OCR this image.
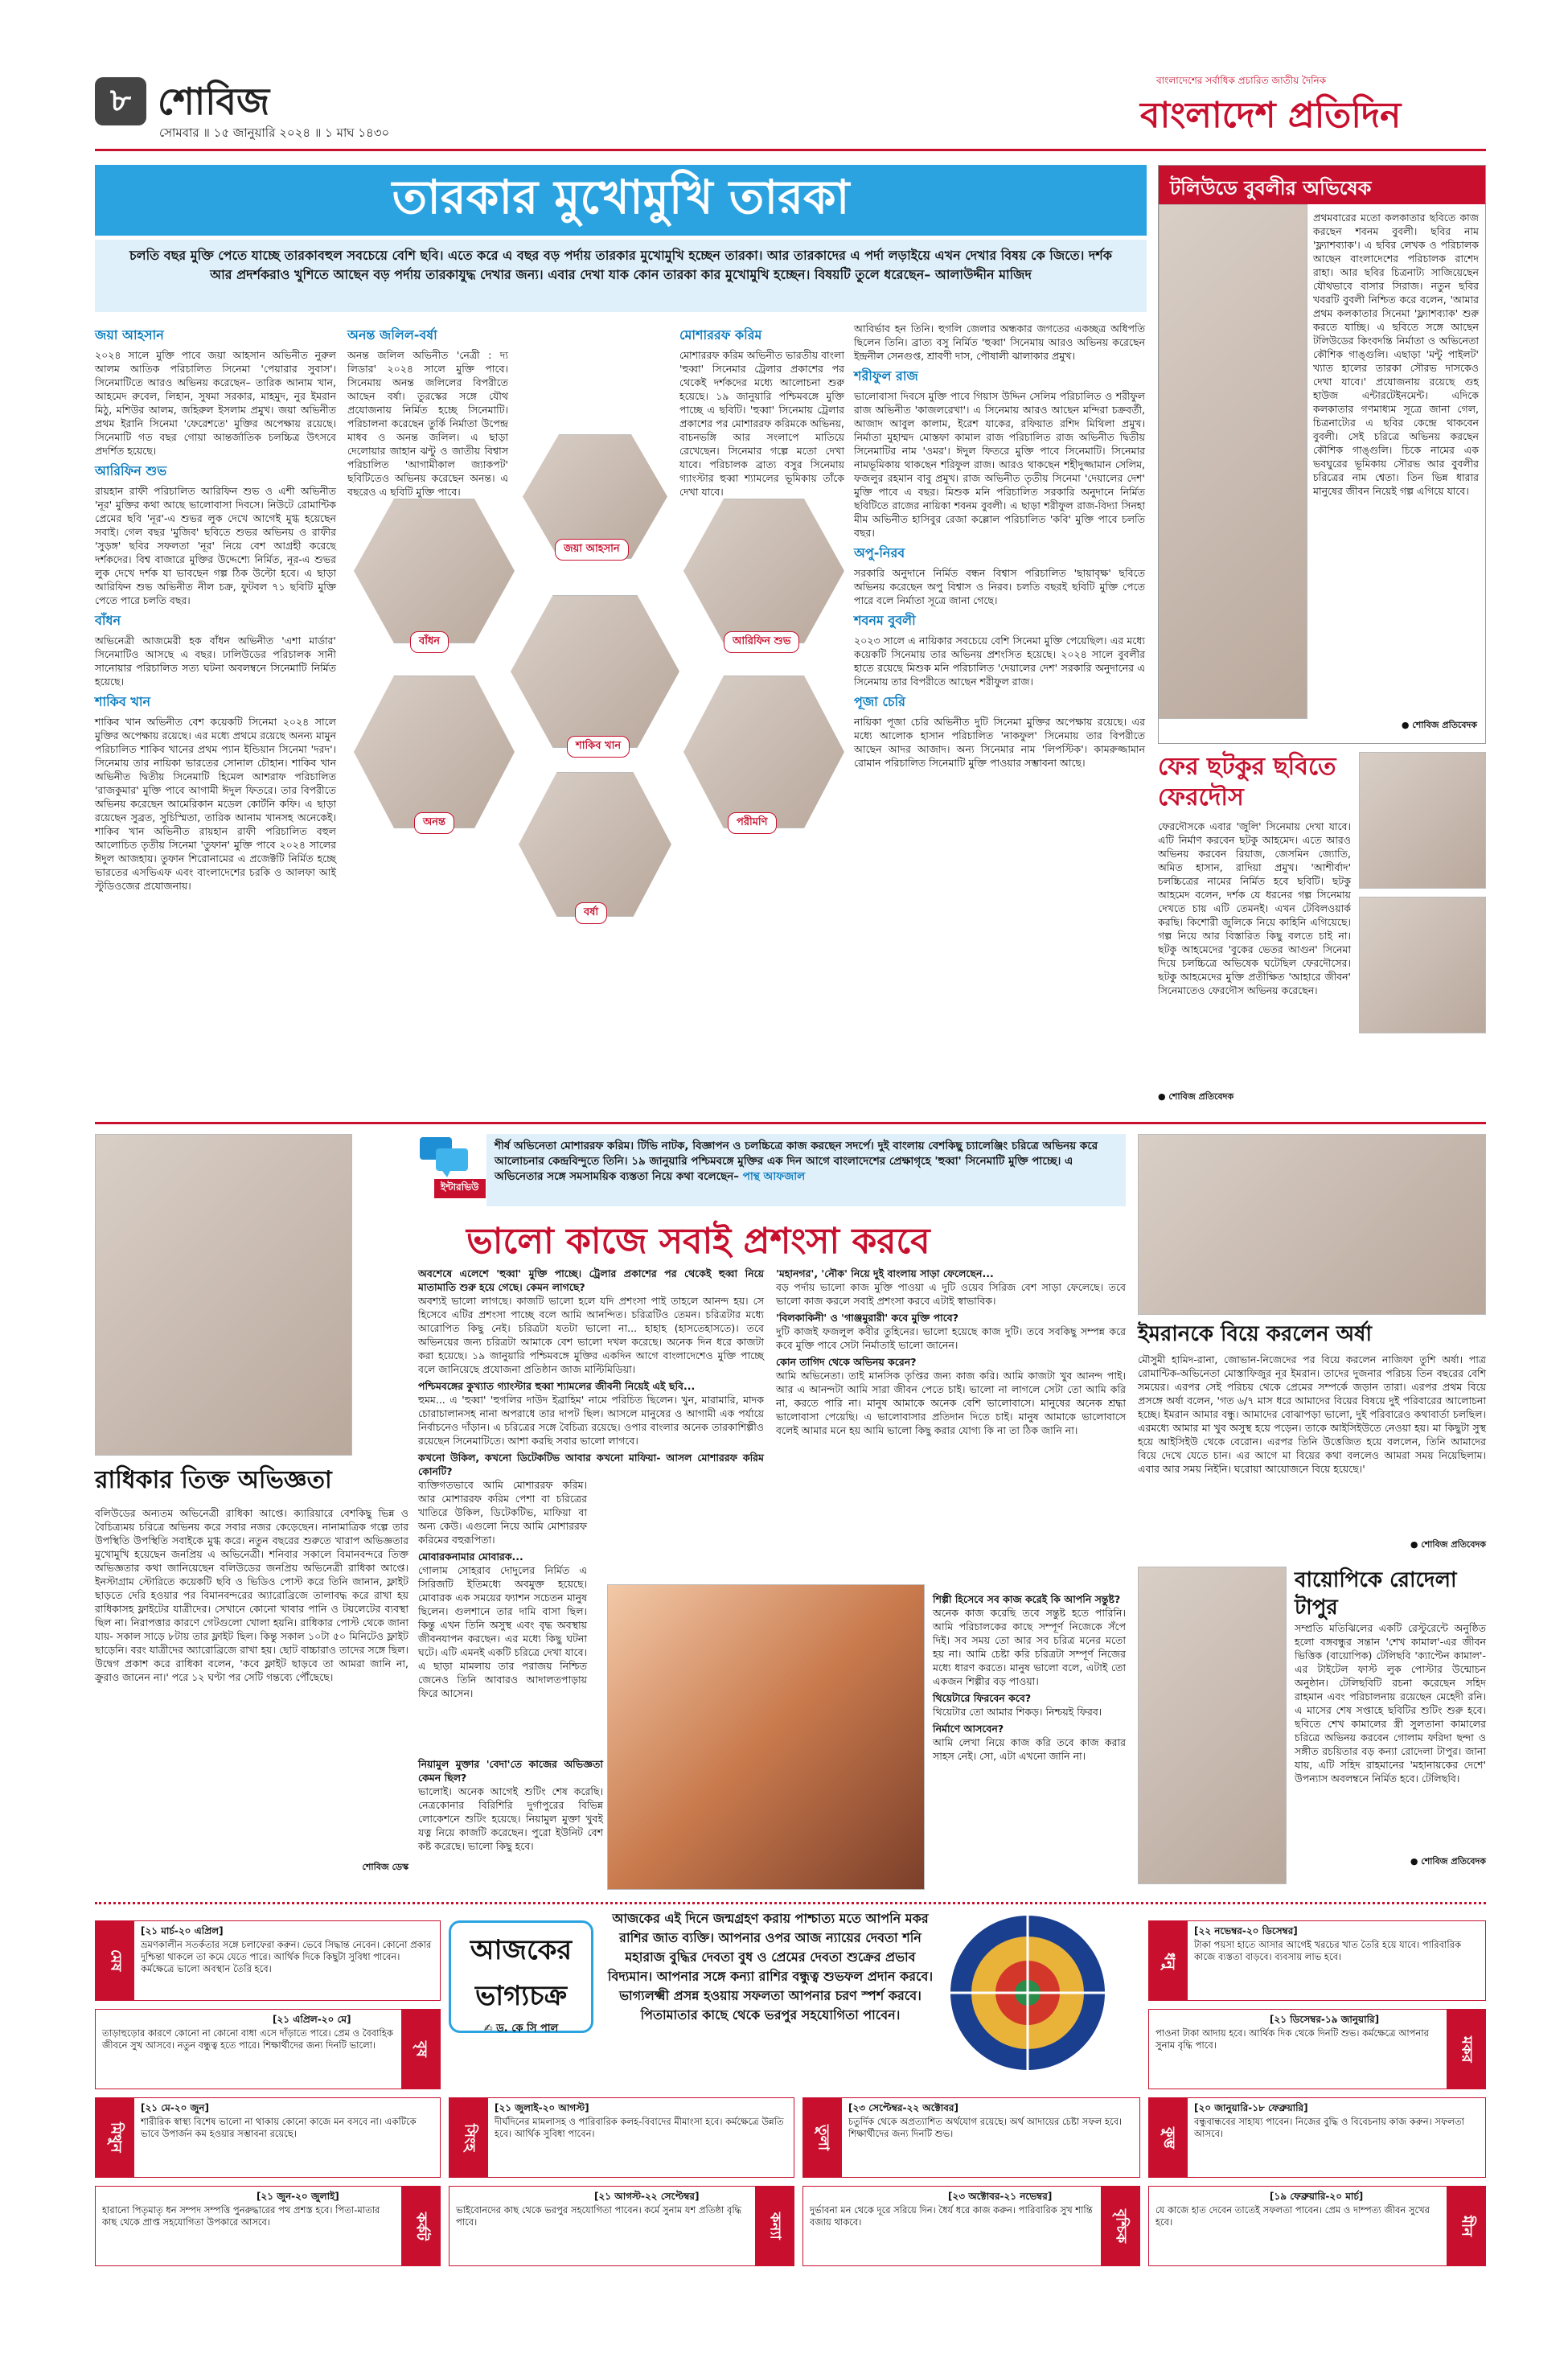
৮ শোবিজ
সোমবার ॥ ১৫ জানুয়ারি ২০২৪ ॥ ১ মাঘ ১৪৩০
বাংলাদেশের সর্বাধিক প্রচারিত জাতীয় দৈনিক
বাংলাদেশ প্রতিদিন
তারকার মুখোমুখি তারকা

চলতি বছর মুক্তি পেতে যাচ্ছে তারকাবহুল সবচেয়ে বেশি ছবি। এতে করে এ বছর বড় পর্দায় তারকার মুখোমুখি হচ্ছেন তারকা। আর তারকাদের এ পর্দা লড়াইয়ে এখন দেখার বিষয় কে জিতে। দর্শক আর প্রদর্শকরাও খুশিতে আছেন বড় পর্দায় তারকাযুদ্ধ দেখার জন্য। এবার দেখা যাক কোন তারকা কার মুখোমুখি হচ্ছেন। বিষয়টি তুলে ধরেছেন– আলাউদ্দীন মাজিদ

জয়া আহসান

২০২৪ সালে মুক্তি পাবে জয়া আহসান অভিনীত নুরুল আলম আতিক পরিচালিত সিনেমা 'পেয়ারার সুবাস'। সিনেমাটিতে আরও অভিনয় করেছেন– তারিক আনাম খান, আহমেদ রুবেল, লিহান, সুষমা সরকার, মাহমুদ, নুর ইমরান মিঠু, মশিউর আলম, জহিরুল ইসলাম প্রমুখ। জয়া অভিনীত প্রথম ইরানি সিনেমা 'ফেরেশতে' মুক্তির অপেক্ষায় রয়েছে। সিনেমাটি গত বছর গোয়া আন্তর্জাতিক চলচ্চিত্র উৎসবে প্রদর্শিত হয়েছে।

আরিফিন শুভ

রায়হান রাফী পরিচালিত আরিফিন শুভ ও এশী অভিনীত 'নূর' মুক্তির কথা আছে ভালোবাসা দিবসে। নিউটে রোমান্টিক প্রেমের ছবি 'নূর'-এ শুভর লুক দেখে আগেই মুগ্ধ হয়েছেন সবাই। গেল বছর 'মুজিব' ছবিতে শুভর অভিনয় ও রাফীর 'সুড়ঙ্গ' ছবির সফলতা 'নূর' নিয়ে বেশ আগ্রহী করেছে দর্শকদের। বিশ্ব বাজারে মুক্তির উদ্দেশ্যে নির্মিত, নূর-এ শুভর লুক দেখে দর্শক যা ভাবছেন গল্প ঠিক উল্টো হবে। এ ছাড়া আরিফিন শুভ অভিনীত নীল চক্র, ফুটবল ৭১ ছবিটি মুক্তি পেতে পারে চলতি বছর।

বাঁধন

অভিনেত্রী আজমেরী হক বাঁধন অভিনীত 'এশা মার্ডার' সিনেমাটিও আসছে এ বছর। ঢালিউডের পরিচালক সানী সানোয়ার পরিচালিত সত্য ঘটনা অবলম্বনে সিনেমাটি নির্মিত হয়েছে।

শাকিব খান

শাকিব খান অভিনীত বেশ কয়েকটি সিনেমা ২০২৪ সালে মুক্তির অপেক্ষায় রয়েছে। এর মধ্যে প্রথমে রয়েছে অনন্য মামুন পরিচালিত শাকিব খানের প্রথম প্যান ইন্ডিয়ান সিনেমা 'দরদ'। সিনেমায় তার নায়িকা ভারতের সোনাল চৌহান। শাকিব খান অভিনীত দ্বিতীয় সিনেমাটি হিমেল আশরাফ পরিচালিত 'রাজকুমার' মুক্তি পাবে আগামী ঈদুল ফিতরে। তার বিপরীতে অভিনয় করেছেন আমেরিকান মডেল কোর্টনি কফি। এ ছাড়া রয়েছেন সুব্রত, সুচিস্মিতা, তারিক আনাম খানসহ অনেকেই। শাকিব খান অভিনীত রায়হান রাফী পরিচালিত বহুল আলোচিত তৃতীয় সিনেমা 'তুফান' মুক্তি পাবে ২০২৪ সালের ঈদুল আজহায়। তুফান শিরোনামের এ প্রজেক্টটি নির্মিত হচ্ছে ভারতের এসভিএফ এবং বাংলাদেশের চরকি ও আলফা আই স্টুডিওজের প্রযোজনায়।

অনন্ত জলিল-বর্ষা

অনন্ত জলিল অভিনীত 'নেত্রী : দ্য লিডার' ২০২৪ সালে মুক্তি পাবে। সিনেমায় অনন্ত জলিলের বিপরীতে আছেন বর্ষা। তুরস্কের সঙ্গে যৌথ প্রযোজনায় নির্মিত হচ্ছে সিনেমাটি। পরিচালনা করেছেন তুর্কি নির্মাতা উপেন্দ্র মাধব ও অনন্ত জলিল। এ ছাড়া দেলোয়ার জাহান ঝন্টু ও জাতীয় বিশ্বাস পরিচালিত 'আগামীকাল জ্যাকপট' ছবিটিতেও অভিনয় করেছেন অনন্ত। এ বছরেও এ ছবিটি মুক্তি পাবে।

মোশাররফ করিম

মোশাররফ করিম অভিনীত ভারতীয় বাংলা 'হুব্বা' সিনেমার ট্রেলার প্রকাশের পর থেকেই দর্শকদের মধ্যে আলোচনা শুরু হয়েছে। ১৯ জানুয়ারি পশ্চিমবঙ্গে মুক্তি পাচ্ছে এ ছবিটি। 'হুব্বা' সিনেমায় ট্রেলার প্রকাশের পর মোশাররফ করিমকে অভিনয়, বাচনভঙ্গি আর সংলাপে মাতিয়ে রেখেছেন। সিনেমার গল্পে মতো দেখা যাবে। পরিচালক ব্রাত্য বসুর সিনেমায় গ্যাংস্টার হুব্বা শ্যামলের ভূমিকায় তাঁকে দেখা যাবে।

জয়া আহসান
বাঁধন	আরিফিন শুভ
শাকিব খান
অনন্ত	পরীমণি
বর্ষা

আবির্ভাব হন তিনি। হুগলি জেলার অন্ধকার জগতের একচ্ছত্র অধিপতি ছিলেন তিনি। ব্রাত্য বসু নির্মিত 'হুব্বা' সিনেমায় আরও অভিনয় করেছেন ইন্দ্রনীল সেনগুপ্ত, শ্রাবণী দাস, পৌষালী ঝালাকার প্রমুখ।

শরীফুল রাজ

ভালোবাসা দিবসে মুক্তি পাবে গিয়াস উদ্দিন সেলিম পরিচালিত ও শরীফুল রাজ অভিনীত 'কাজলরেখা'। এ সিনেমায় আরও আছেন মন্দিরা চক্রবর্তী, আজাদ আবুল কালাম, ইরেশ যাকের, রফিয়াত রশিদ মিথিলা প্রমুখ। নির্মাতা মুহাম্মদ মোস্তফা কামাল রাজ পরিচালিত রাজ অভিনীত দ্বিতীয় সিনেমাটির নাম 'ওমর'। ঈদুল ফিতরে মুক্তি পাবে সিনেমাটি। সিনেমার নামভূমিকায় থাকছেন শরিফুল রাজ। আরও থাকছেন শহীদুজ্জামান সেলিম, ফজলুর রহমান বাবু প্রমুখ। রাজ অভিনীত তৃতীয় সিনেমা 'দেয়ালের দেশ' মুক্তি পাবে এ বছর। মিশুক মনি পরিচালিত সরকারি অনুদানে নির্মিত ছবিটিতে রাজের নায়িকা শবনম বুবলী। এ ছাড়া শরীফুল রাজ-বিদ্যা সিনহা মীম অভিনীত হাসিবুর রেজা কল্লোল পরিচালিত 'কবি' মুক্তি পাবে চলতি বছর।

অপু-নিরব

সরকারি অনুদানে নির্মিত বন্ধন বিশ্বাস পরিচালিত 'ছায়াবৃক্ষ' ছবিতে অভিনয় করেছেন অপু বিশ্বাস ও নিরব। চলতি বছরই ছবিটি মুক্তি পেতে পারে বলে নির্মাতা সূত্রে জানা গেছে।

শবনম বুবলী

২০২৩ সালে এ নায়িকার সবচেয়ে বেশি সিনেমা মুক্তি পেয়েছিল। এর মধ্যে কয়েকটি সিনেমায় তার অভিনয় প্রশংসিত হয়েছে। ২০২৪ সালে বুবলীর হাতে রয়েছে মিশুক মনি পরিচালিত 'দেয়ালের দেশ' সরকারি অনুদানের এ সিনেমায় তার বিপরীতে আছেন শরীফুল রাজ।

পূজা চেরি

নায়িকা পূজা চেরি অভিনীত দুটি সিনেমা মুক্তির অপেক্ষায় রয়েছে। এর মধ্যে আলোক হাসান পরিচালিত 'নাকফুল' সিনেমায় তার বিপরীতে আছেন আদর আজাদ। অন্য সিনেমার নাম 'লিপস্টিক'। কামরুজ্জামান রোমান পরিচালিত সিনেমাটি মুক্তি পাওয়ার সম্ভাবনা আছে।

টলিউডে বুবলীর অভিষেক

প্রথমবারের মতো কলকাতার ছবিতে কাজ করছেন শবনম বুবলী। ছবির নাম 'ফ্ল্যাশব্যাক'। এ ছবির লেখক ও পরিচালক আছেন বাংলাদেশের পরিচালক রাশেদ রাহা। আর ছবির চিত্রনাট্য সাজিয়েছেন যৌথভাবে বাসার সিরাজ। নতুন ছবির খবরটি বুবলী নিশ্চিত করে বলেন, 'আমার প্রথম কলকাতার সিনেমা 'ফ্ল্যাশব্যাক' শুরু করতে যাচ্ছি। এ ছবিতে সঙ্গে আছেন টলিউডের কিংবদন্তি নির্মাতা ও অভিনেতা কৌশিক গাঙ্গুলি। এছাড়া 'মন্টু পাইলট' খ্যাত হালের তারকা সৌরভ দাসকেও দেখা যাবে।' প্রযোজনায় রয়েছে গুহ হাউজ এন্টারটেইনমেন্ট। এদিকে কলকাতার গণমাধ্যম সূত্রে জানা গেল, চিত্রনাট্যের এ ছবির কেন্দ্রে থাকবেন বুবলী। সেই চরিত্রে অভিনয় করছেন কৌশিক গাঙ্গুলি। চিকে নামের এক ভবঘুরের ভূমিকায় সৌরভ আর বুবলীর চরিত্রের নাম শ্বেতা। তিন ভিন্ন ধারার মানুষের জীবন নিয়েই গল্প এগিয়ে যাবে।

● শোবিজ প্রতিবেদক
ফের ছটকুর ছবিতে ফেরদৌস

ফেরদৌসকে এবার 'জুলি' সিনেমায় দেখা যাবে। এটি নির্মাণ করবেন ছটকু আহমেদ। এতে আরও অভিনয় করবেন রিয়াজ, জেসমিন জ্যোতি, অমিত হাসান, রাদিয়া প্রমুখ। 'আশীর্বাদ' চলচ্চিত্রের নামের নির্মিত হবে ছবিটি। ছটকু আহমেদ বলেন, দর্শক যে ধরনের গল্প সিনেমায় দেখতে চায় এটি তেমনই। এখন টেবিলওয়ার্ক করছি। কিশোরী জুলিকে নিয়ে কাহিনি এগিয়েছে। গল্প নিয়ে আর বিস্তারিত কিছু বলতে চাই না। ছটকু আহমেদের 'বুকের ভেতর আগুন' সিনেমা দিয়ে চলচ্চিত্রে অভিষেক ঘটেছিল ফেরদৌসের। ছটকু আহমেদের মুক্তি প্রতীক্ষিত 'আহারে জীবন' সিনেমাতেও ফেরদৌস অভিনয় করেছেন।

● শোবিজ প্রতিবেদক
রাধিকার তিক্ত অভিজ্ঞতা

বলিউডের অন্যতম অভিনেত্রী রাধিকা আপ্তে। ক্যারিয়ারে বেশকিছু ভিন্ন ও বৈচিত্র্যময় চরিত্রে অভিনয় করে সবার নজর কেড়েছেন। নানামাত্রিক গল্পে তার উপস্থিতি উপস্থিতি সবাইকে মুগ্ধ করে। নতুন বছরের শুরুতে খারাপ অভিজ্ঞতার মুখোমুখি হয়েছেন জনপ্রিয় এ অভিনেত্রী। শনিবার সকালে বিমানবন্দরে তিক্ত অভিজ্ঞতার কথা জানিয়েছেন বলিউডের জনপ্রিয় অভিনেত্রী রাধিকা আপ্তে। ইনস্টাগ্রাম স্টোরিতে কয়েকটি ছবি ও ভিডিও পোস্ট করে তিনি জানান, ফ্লাইট ছাড়তে দেরি হওয়ার পর বিমানবন্দরের অ্যারোব্রিজে তালাবদ্ধ করে রাখা হয় রাধিকাসহ ফ্লাইটের যাত্রীদের। সেখানে কোনো খাবার পানি ও টয়লেটের ব্যবস্থা ছিল না। নিরাপত্তার কারণে গেটগুলো খোলা হয়নি। রাধিকার পোস্ট থেকে জানা যায়- সকাল সাড়ে ৮টায় তার ফ্লাইট ছিল। কিন্তু সকাল ১০টা ৫০ মিনিটেও ফ্লাইট ছাড়েনি। বরং যাত্রীদের অ্যারোব্রিজে রাখা হয়। ছোট বাচ্চারাও তাদের সঙ্গে ছিল। উদ্বেগ প্রকাশ করে রাধিকা বলেন, 'কবে ফ্লাইট ছাড়বে তা আমরা জানি না, ক্রুরাও জানেন না।' পরে ১২ ঘণ্টা পর সেটি গন্তব্যে পৌঁছেছে।

শোবিজ ডেস্ক
ইন্টারভিউ

শীর্ষ অভিনেতা মোশাররফ করিম। টিভি নাটক, বিজ্ঞাপন ও চলচ্চিত্রে কাজ করছেন সদর্পে। দুই বাংলায় বেশকিছু চ্যালেঞ্জিং চরিত্রে অভিনয় করে আলোচনার কেন্দ্রবিন্দুতে তিনি। ১৯ জানুয়ারি পশ্চিমবঙ্গে মুক্তির এক দিন আগে বাংলাদেশের প্রেক্ষাগৃহে 'হুব্বা' সিনেমাটি মুক্তি পাচ্ছে। এ অভিনেতার সঙ্গে সমসাময়িক ব্যস্ততা নিয়ে কথা বলেছেন– পান্থ আফজাল

ভালো কাজে সবাই প্রশংসা করবে

অবশেষে এলেশে 'হুব্বা' মুক্তি পাচ্ছে। ট্রেলার প্রকাশের পর থেকেই হুব্বা নিয়ে মাতামাতি শুরু হয়ে গেছে। কেমন লাগছে?

অবশ্যই ভালো লাগছে। কাজটি ভালো হলে যদি প্রশংসা পাই তাহলে আনন্দ হয়। সে হিসেবে এটির প্রশংসা পাচ্ছে বলে আমি আনন্দিত। চরিত্রটিও তেমন। চরিত্রটার মধ্যে আরোপিত কিছু নেই। চরিত্রটা যতটা ভালো না... হাহাহ (হাসতেহাসতে)। তবে অভিনয়ের জন্য চরিত্রটা আমাকে বেশ ভালো দখল করেছে। অনেক দিন ধরে কাজটা করা হয়েছে। ১৯ জানুয়ারি পশ্চিমবঙ্গে মুক্তির একদিন আগে বাংলাদেশেও মুক্তি পাচ্ছে বলে জানিয়েছে প্রযোজনা প্রতিষ্ঠান জাজ মাল্টিমিডিয়া।

পশ্চিমবঙ্গের কুখ্যাত গ্যাংস্টার হুব্বা শ্যামলের জীবনী নিয়েই এই ছবি...

হুমম... এ 'হুব্বা' 'হুগলির দাউদ ইব্রাহিম' নামে পরিচিত ছিলেন। খুন, মারামারি, মাদক চোরাচালানসহ নানা অপরাধে তার দাপট ছিল। আসলে মানুষের ও আগামী এক পর্যায়ে নির্বাচনেও দাঁড়ান। এ চরিত্রের সঙ্গে বৈচিত্র্য রয়েছে। ওপার বাংলার অনেক তারকাশিল্পীও রয়েছেন সিনেমাটিতে। আশা করছি সবার ভালো লাগবে।

কখনো উকিল, কখনো ডিটেকটিভ আবার কখনো মাফিয়া- আসল মোশাররফ করিম কোনটি?

ব্যক্তিগতভাবে আমি মোশাররফ করিম। আর মোশাররফ করিম পেশা বা চরিত্রের খাতিরে উকিল, ডিটেকটিভ, মাফিয়া বা অন্য কেউ। এগুলো নিয়ে আমি মোশাররফ করিমের বহুরূপিতা।

মোবারকনামার মোবারক...

গোলাম সোহরাব দোদুলের নির্মিত এ সিরিজটি ইতিমধ্যে অবমুক্ত হয়েছে। মোবারক এক সময়ের ফ্যাশন সচেতন মানুষ ছিলেন। গুলশানে তার দামি বাসা ছিল। কিন্তু এখন তিনি অসুস্থ এবং বৃদ্ধ অবস্থায় জীবনযাপন করছেন। এর মধ্যে কিছু ঘটনা ঘটে। এটি এমনই একটি চরিত্রে দেখা যাবে। এ ছাড়া মামলায় তার পরাজয় নিশ্চিত জেনেও তিনি আবারও আদালতপাড়ায় ফিরে আসেন।

নিয়ামুল মুক্তার 'বেদা'তে কাজের অভিজ্ঞতা কেমন ছিল?

ভালোই। অনেক আগেই শুটিং শেষ করেছি। নেত্রকোনার বিরিশিরি দুর্গাপুরের বিভিন্ন লোকেশনে শুটিং হয়েছে। নিয়ামুল মুক্তা খুবই যত্ন নিয়ে কাজটি করেছেন। পুরো ইউনিট বেশ কষ্ট করেছে। ভালো কিছু হবে।

'মহানগর', 'নৌক' নিয়ে দুই বাংলায় সাড়া ফেলেছেন...

বড় পর্দায় ভালো কাজ মুক্তি পাওয়া এ দুটি ওয়েব সিরিজ বেশ সাড়া ফেলেছে। তবে ভালো কাজ করলে সবাই প্রশংসা করবে এটাই স্বাভাবিক।

'বিলকাকিনী' ও 'গাঞ্জমুরারী' কবে মুক্তি পাবে?

দুটি কাজই ফজলুল কবীর তুহিনের। ভালো হয়েছে কাজ দুটি। তবে সবকিছু সম্পন্ন করে কবে মুক্তি পাবে সেটা নির্মাতাই ভালো জানেন।

কোন তাগিদ থেকে অভিনয় করেন?

আমি অভিনেতা। তাই মানসিক তৃপ্তির জন্য কাজ করি। আমি কাজটা খুব আনন্দ পাই। আর এ আনন্দটা আমি সারা জীবন পেতে চাই। ভালো না লাগলে সেটা তো আমি করি না, করতে পারি না। মানুষ আমাকে অনেক বেশি ভালোবাসে। মানুষের অনেক শ্রদ্ধা ভালোবাসা পেয়েছি। এ ভালোবাসার প্রতিদান দিতে চাই। মানুষ আমাকে ভালোবাসে বলেই আমার মনে হয় আমি ভালো কিছু করার যোগ্য কি না তা ঠিক জানি না।

শিল্পী হিসেবে সব কাজ করেই কি আপনি সন্তুষ্ট?

অনেক কাজ করেছি তবে সন্তুষ্ট হতে পারিনি। আমি পরিচালকের কাছে সম্পূর্ণ নিজেকে সঁপে দিই। সব সময় তো আর সব চরিত্র মনের মতো হয় না। আমি চেষ্টা করি চরিত্রটা সম্পূর্ণ নিজের মধ্যে ধারণ করতে। মানুষ ভালো বলে, এটাই তো একজন শিল্পীর বড় পাওয়া।

থিয়েটারে ফিরবেন কবে?

থিয়েটার তো আমার শিকড়। নিশ্চয়ই ফিরব।

নির্মাণে আসবেন?

আমি লেখা নিয়ে কাজ করি তবে কাজ করার সাহস নেই। সো, এটা এখনো জানি না।

ইমরানকে বিয়ে করলেন অর্ষা

মৌসুমী হামিদ-রানা, জোভান-নিজেদের পর বিয়ে করলেন নাজিফা তুশি অর্ষা। পাত্র রোমান্টিক-অভিনেতা মোস্তাফিজুর নূর ইমরান। তাদের দুজনার পরিচয় তিন বছরের বেশি সময়ের। এরপর সেই পরিচয় থেকে প্রেমের সম্পর্কে জড়ান তারা। এরপর প্রথম বিয়ে প্রসঙ্গে অর্ষা বলেন, 'গত ৬/৭ মাস ধরে আমাদের বিয়ের বিষয়ে দুই পরিবারের আলোচনা হচ্ছে। ইমরান আমার বন্ধু। আমাদের বোঝাপড়া ভালো, দুই পরিবারেও কথাবার্তা চলছিল। এরমধ্যে আমার মা খুব অসুস্থ হয়ে পড়েন। তাকে আইসিইউতে নেওয়া হয়। মা কিছুটা সুস্থ হয়ে আইসিইউ থেকে বেরোন। এরপর তিনি উত্তেজিত হয়ে বললেন, তিনি আমাদের বিয়ে দেখে যেতে চান। এর আগে মা বিয়ের কথা বললেও আমরা সময় নিয়েছিলাম। এবার আর সময় নিইনি। ঘরোয়া আয়োজনে বিয়ে হয়েছে।'

● শোবিজ প্রতিবেদক
বায়োপিকে রোদেলা টাপুর

সম্প্রতি মতিঝিলের একটি রেস্টুরেন্টে অনুষ্ঠিত হলো বঙ্গবন্ধুর সন্তান 'শেখ কামাল'-এর জীবন ভিত্তিক (বায়োপিক) টেলিছবি 'ক্যাপ্টেন কামাল'-এর টাইটেল ফাস্ট লুক পোস্টার উন্মোচন অনুষ্ঠান। টেলিছবিটি রচনা করেছেন সহিদ রাহমান এবং পরিচালনায় রয়েছেন মেহেদী রনি। এ মাসের শেষ সপ্তাহে ছবিটির শুটিং শুরু হবে। ছবিতে শেখ কামালের স্ত্রী সুলতানা কামালের চরিত্রে অভিনয় করবেন গোলাম ফরিদা ছন্দা ও সঙ্গীত রচয়িতার বড় কন্যা রোদেলা টাপুর। জানা যায়, এটি সহিদ রাহমানের 'মহানায়কের দেশে' উপন্যাস অবলম্বনে নির্মিত হবে। টেলিছবি।

● শোবিজ প্রতিবেদক
আজকের
ভাগ্যচক্র
✍ ড. কে সি পাল

আজকের এই দিনে জন্মগ্রহণ করায় পাশ্চাত্য মতে আপনি মকর রাশির জাত ব্যক্তি। আপনার ওপর আজ ন্যায়ের দেবতা শনি মহারাজ বুদ্ধির দেবতা বুধ ও প্রেমের দেবতা শুক্রের প্রভাব বিদ্যমান। আপনার সঙ্গে কন্যা রাশির বন্ধুত্ব শুভফল প্রদান করবে। ভাগ্যলক্ষ্মী প্রসন্ন হওয়ায় সফলতা আপনার চরণ স্পর্শ করবে। পিতামাতার কাছে থেকে ভরপুর সহযোগিতা পাবেন।

মেষ
[২১ মার্চ-২০ এপ্রিল]

ভ্রমণকালীন সতর্কতার সঙ্গে চলাফেরা করুন। ভেবে সিদ্ধান্ত নেবেন। কোনো প্রকার দুশ্চিন্তা থাকলে তা কমে যেতে পারে। আর্থিক দিকে কিছুটা সুবিধা পাবেন। কর্মক্ষেত্রে ভালো অবস্থান তৈরি হবে।

বৃষ
[২১ এপ্রিল-২০ মে]

তাড়াহুড়োর কারণে কোনো না কোনো বাধা এসে দাঁড়াতে পারে। প্রেম ও বৈবাহিক জীবনে সুখ আসবে। নতুন বন্ধুত্ব হতে পারে। শিক্ষার্থীদের জন্য দিনটি ভালো।

মিথুন
[২১ মে-২০ জুন]

শারীরিক স্বাস্থ্য বিশেষ ভালো না থাকায় কোনো কাজে মন বসবে না। একটিকে ভাবে উপার্জন কম হওয়ার সম্ভাবনা রয়েছে।

কর্কট
[২১ জুন-২০ জুলাই]

হারানো পিতৃমাতৃ ধন সম্পদ সম্পত্তি পুনরুদ্ধারের পথ প্রশস্ত হবে। পিতা-মাতার কাছ থেকে প্রাপ্ত সহযোগিতা উপকারে আসবে।

সিংহ
[২১ জুলাই-২০ আগস্ট]

দীর্ঘদিনের মামলাসহ ও পারিবারিক কলহ-বিবাদের মীমাংসা হবে। কর্মক্ষেত্রে উন্নতি হবে। আর্থিক সুবিধা পাবেন।

কন্যা
[২১ আগস্ট-২২ সেপ্টেম্বর]

ভাইবোনদের কাছ থেকে ভরপুর সহযোগিতা পাবেন। কর্মে সুনাম যশ প্রতিষ্ঠা বৃদ্ধি পাবে।

তুলা
[২৩ সেপ্টেম্বর-২২ অক্টোবর]

চতুর্দিক থেকে অপ্রত্যাশিত অর্থযোগ রয়েছে। অর্থ আদায়ের চেষ্টা সফল হবে। শিক্ষার্থীদের জন্য দিনটি শুভ।

বৃশ্চিক
[২৩ অক্টোবর-২১ নভেম্বর]

দুর্ভাবনা মন থেকে দূরে সরিয়ে দিন। ধৈর্য ধরে কাজ করুন। পারিবারিক সুখ শান্তি বজায় থাকবে।

ধনু
[২২ নভেম্বর-২০ ডিসেম্বর]

টাকা পয়সা হাতে আসার আগেই খরচের খাত তৈরি হয়ে যাবে। পারিবারিক কাজে ব্যস্ততা বাড়বে। ব্যবসায় লাভ হবে।

মকর
[২১ ডিসেম্বর-১৯ জানুয়ারি]

পাওনা টাকা আদায় হবে। আর্থিক দিক থেকে দিনটি শুভ। কর্মক্ষেত্রে আপনার সুনাম বৃদ্ধি পাবে।

কুম্ভ
[২০ জানুয়ারি-১৮ ফেব্রুয়ারি]

বন্ধুবান্ধবের সাহায্য পাবেন। নিজের বুদ্ধি ও বিবেচনায় কাজ করুন। সফলতা আসবে।

মীন
[১৯ ফেব্রুয়ারি-২০ মার্চ]

যে কাজে হাত দেবেন তাতেই সফলতা পাবেন। প্রেম ও দাম্পত্য জীবন সুখের হবে।
